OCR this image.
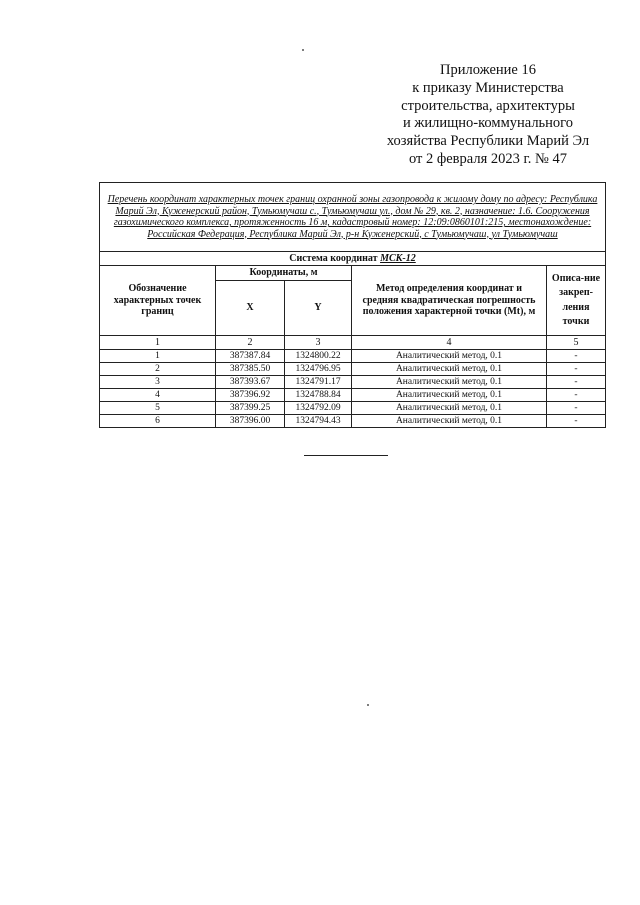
Приложение 16
к приказу Министерства
строительства, архитектуры
и жилищно-коммунального
хозяйства Республики Марий Эл
от 2 февраля 2023 г. № 47
Перечень координат характерных точек границ охранной зоны газопровода к жилому дому по адресу: Республика Марий Эл, Куженерский район, Тумьюмучаш с., Тумьюмучаш ул., дом № 29, кв. 2, назначение: 1.6. Сооружения газохимического комплекса, протяженность 16 м, кадастровый номер: 12:09:0860101:215, местонахождение: Российская Федерация, Республика Марий Эл, р-н Куженерский, с Тумьюмучаш, ул Тумьюмучаш				
Система координат МСК-12				
Обозначение характерных точек границ	Координаты, м		Метод определения координат и средняя квадратическая погрешность положения характерной точки (Mt), м	Описа-ние закреп-ления точки
	X	Y		
1	2	3	4	5
1	387387.84	1324800.22	Аналитический метод, 0.1	-
2	387385.50	1324796.95	Аналитический метод, 0.1	-
3	387393.67	1324791.17	Аналитический метод, 0.1	-
4	387396.92	1324788.84	Аналитический метод, 0.1	-
5	387399.25	1324792.09	Аналитический метод, 0.1	-
6	387396.00	1324794.43	Аналитический метод, 0.1	-
